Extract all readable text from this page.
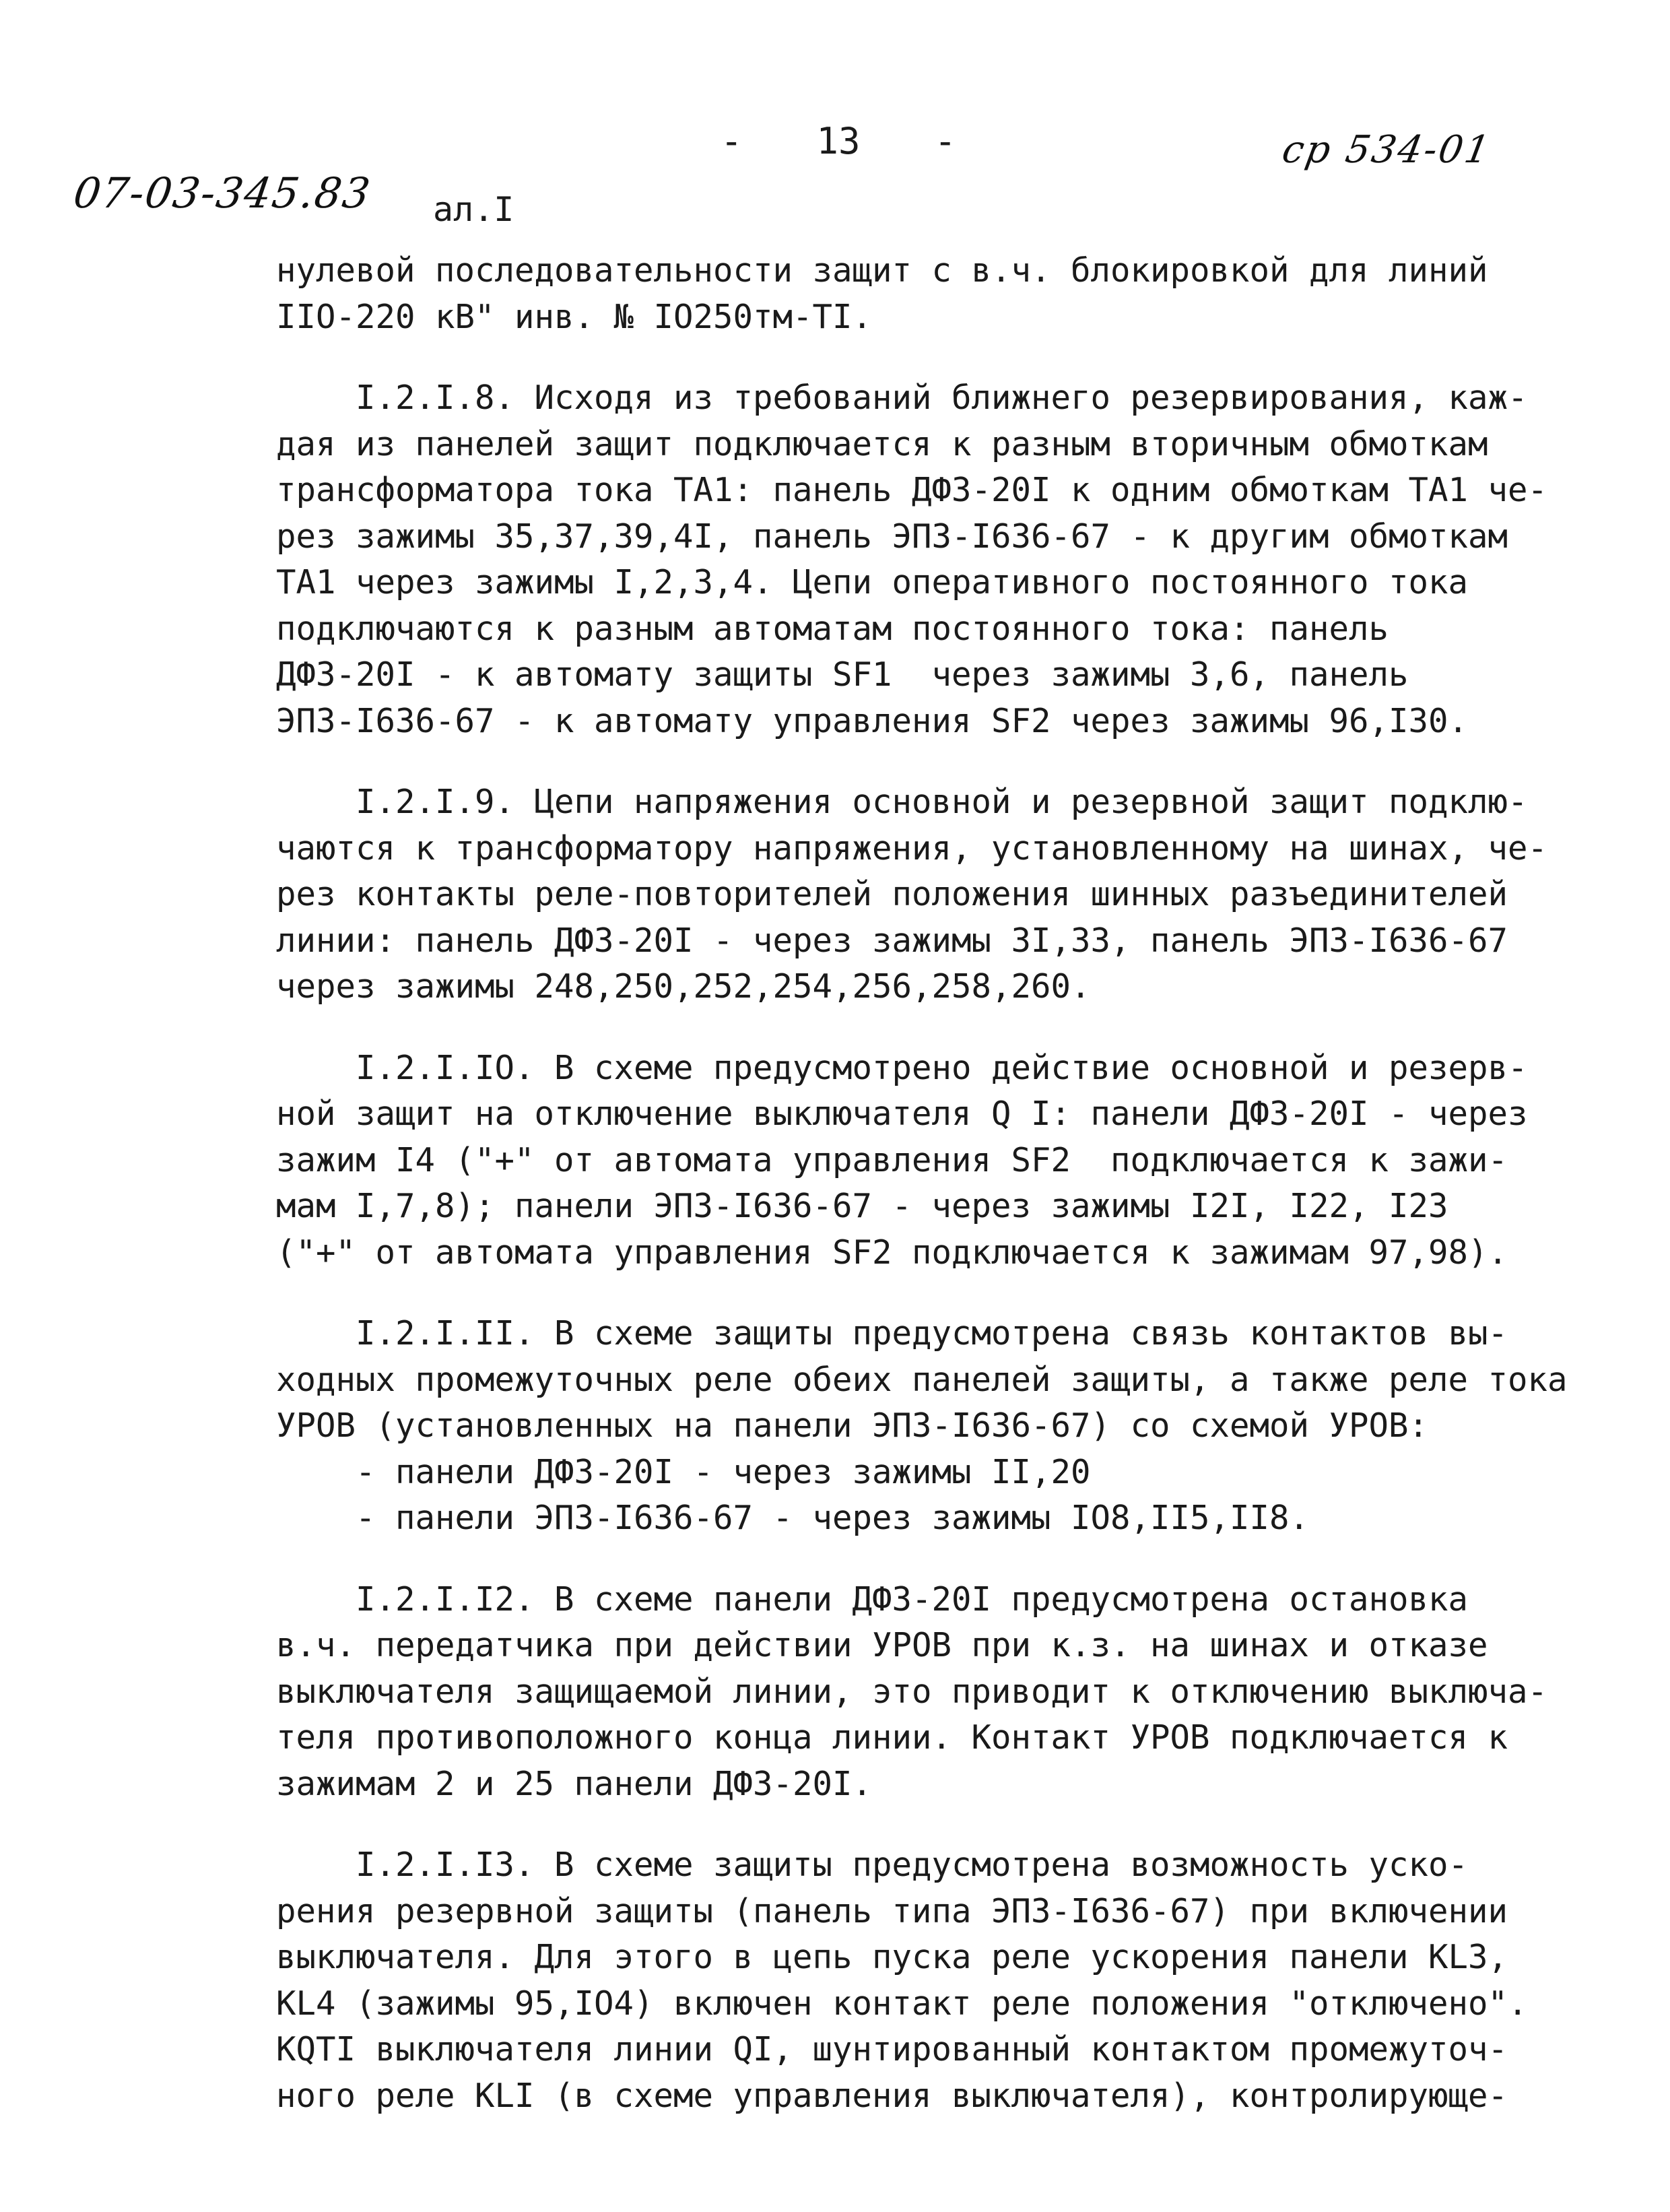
- 13 -
07-03-345.83 ал.I
ср 534-01

нулевой последовательности защит с в.ч. блокировкой для линий
IIO-220 кВ" инв. № IO250тм-TI.

I.2.I.8. Исходя из требований ближнего резервирования, каж-
дая из панелей защит подключается к разным вторичным обмоткам
трансформатора тока ТА1: панель ДФЗ-20I к одним обмоткам ТА1 че-
рез зажимы 35,37,39,4I, панель ЭПЗ-I636-67 - к другим обмоткам
ТА1 через зажимы I,2,3,4. Цепи оперативного постоянного тока
подключаются к разным автоматам постоянного тока: панель
ДФЗ-20I - к автомату защиты SF1  через зажимы 3,6, панель
ЭПЗ-I636-67 - к автомату управления SF2 через зажимы 96,I30.

I.2.I.9. Цепи напряжения основной и резервной защит подклю-
чаются к трансформатору напряжения, установленному на шинах, че-
рез контакты реле-повторителей положения шинных разъединителей
линии: панель ДФЗ-20I - через зажимы 3I,33, панель ЭПЗ-I636-67
через зажимы 248,250,252,254,256,258,260.

I.2.I.IO. В схеме предусмотрено действие основной и резерв-
ной защит на отключение выключателя Q I: панели ДФЗ-20I - через
зажим I4 ("+" от автомата управления SF2  подключается к зажи-
мам I,7,8); панели ЭПЗ-I636-67 - через зажимы I2I, I22, I23
("+" от автомата управления SF2 подключается к зажимам 97,98).

I.2.I.II. В схеме защиты предусмотрена связь контактов вы-
ходных промежуточных реле обеих панелей защиты, а также реле тока
УРОВ (установленных на панели ЭПЗ-I636-67) со схемой УРОВ:
- панели ДФЗ-20I - через зажимы II,20
- панели ЭПЗ-I636-67 - через зажимы IO8,II5,II8.

I.2.I.I2. В схеме панели ДФЗ-20I предусмотрена остановка
в.ч. передатчика при действии УРОВ при к.з. на шинах и отказе
выключателя защищаемой линии, это приводит к отключению выключа-
теля противоположного конца линии. Контакт УРОВ подключается к
зажимам 2 и 25 панели ДФЗ-20I.

I.2.I.I3. В схеме защиты предусмотрена возможность уско-
рения резервной защиты (панель типа ЭПЗ-I636-67) при включении
выключателя. Для этого в цепь пуска реле ускорения панели KL3,
KL4 (зажимы 95,IO4) включен контакт реле положения "отключено".
KQTI выключателя линии QI, шунтированный контактом промежуточ-
ного реле KLI (в схеме управления выключателя), контролирующе-
